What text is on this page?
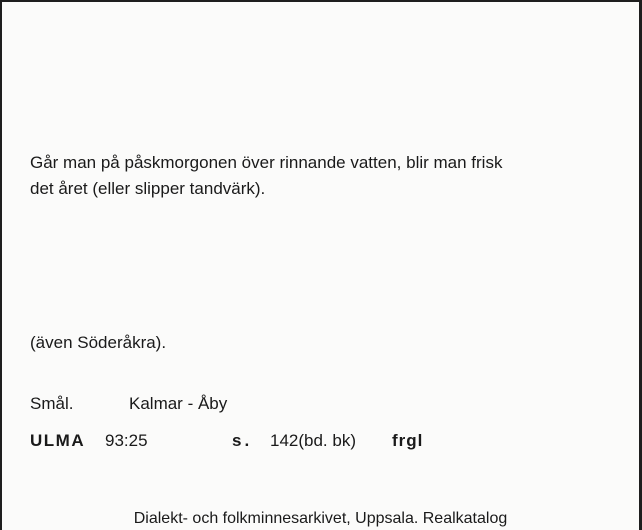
Går man på påskmorgonen över rinnande vatten, blir man frisk
det året (eller slipper tandvärk).
(även Söderåkra).
Smål.	Kalmar - Åby
ULMA 93:25	s. 142(bd. bk) frgl
Dialekt- och folkminnesarkivet, Uppsala. Realkatalog
